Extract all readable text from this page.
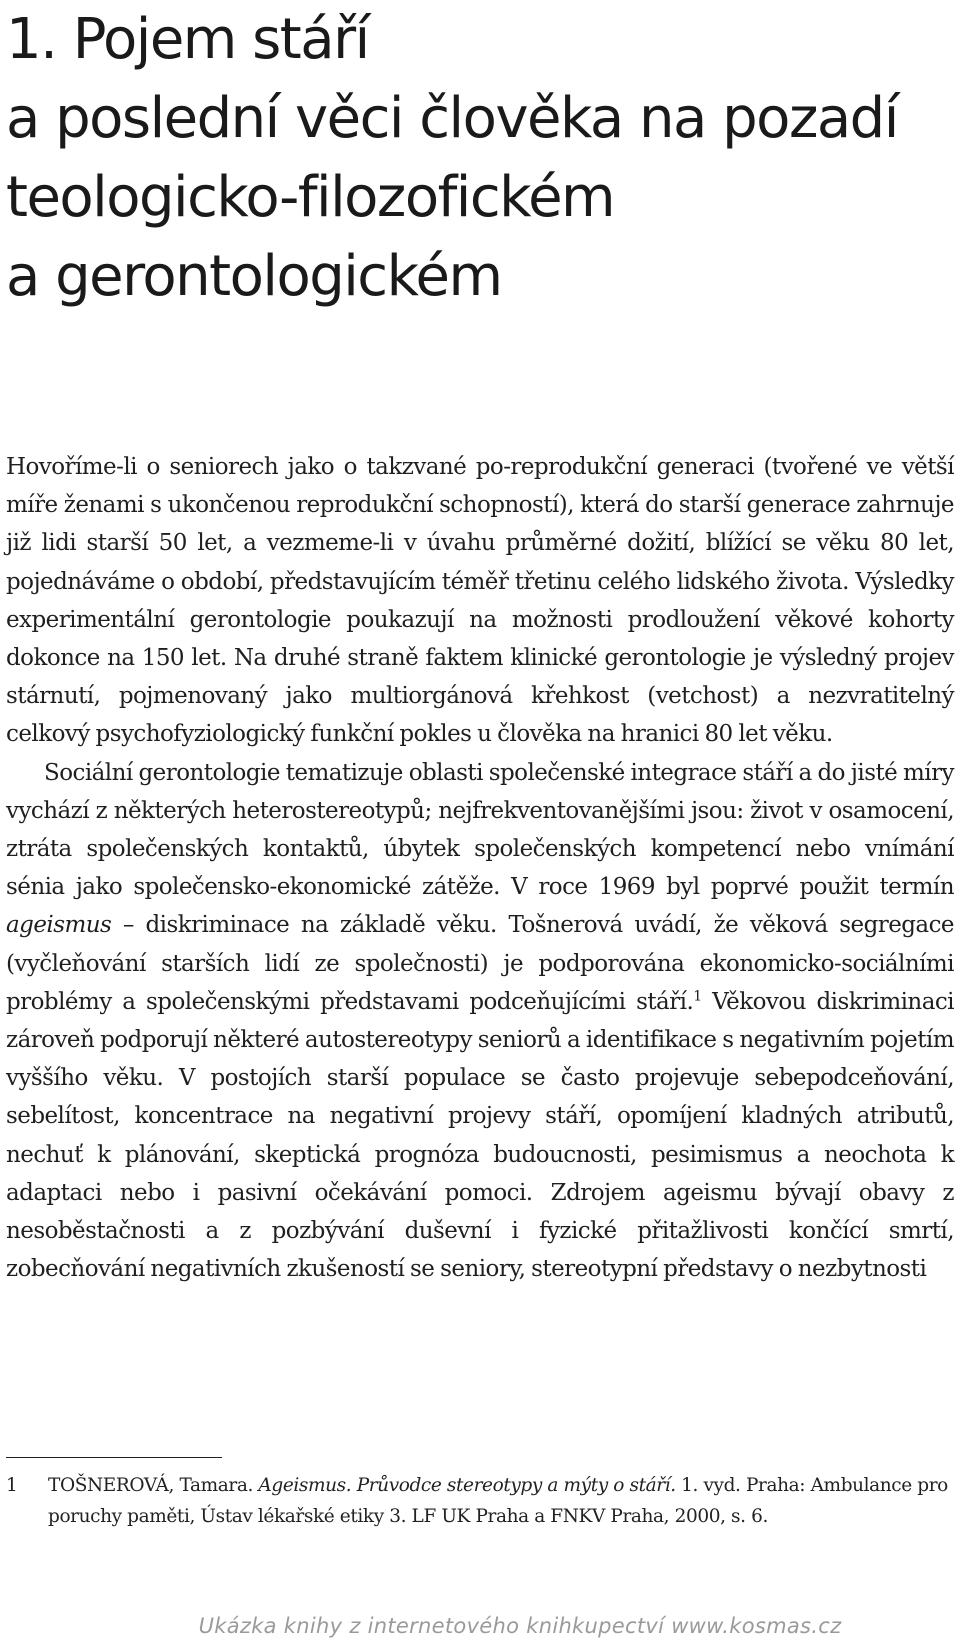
1. Pojem stáří
a poslední věci člověka na pozadí
teologicko-filozofickém
a gerontologickém

Hovoříme-li o seniorech jako o takzvané po-reprodukční generaci (tvořené ve větší míře ženami s ukončenou reprodukční schopností), která do starší generace zahrnuje již lidi starší 50 let, a vezmeme-li v úvahu průměrné dožití, blížící se věku 80 let, pojednáváme o období, představujícím téměř třetinu celého lidského života. Výsledky experimentální gerontologie poukazují na možnosti prodloužení věkové kohorty dokonce na 150 let. Na druhé straně faktem klinické gerontologie je výsledný projev stárnutí, pojmenovaný jako multiorgánová křehkost (vetchost) a nezvratitelný celkový psychofyziologický funkční pokles u člověka na hranici 80 let věku.

Sociální gerontologie tematizuje oblasti společenské integrace stáří a do jisté míry vychází z některých heterostereotypů; nejfrekventovanějšími jsou: život v osamocení, ztráta společenských kontaktů, úbytek společenských kompetencí nebo vnímání sénia jako společensko-ekonomické zátěže. V roce 1969 byl poprvé použit termín ageismus – diskriminace na základě věku. Tošnerová uvádí, že věková segregace (vyčleňování starších lidí ze společnosti) je podporována ekonomicko-sociálními problémy a společenskými představami podceňujícími stáří.$^1$ Věkovou diskriminaci zároveň podporují některé autostereotypy seniorů a identifikace s negativním pojetím vyššího věku. V postojích starší populace se často projevuje sebepodceňování, sebelítost, koncentrace na negativní projevy stáří, opomíjení kladných atributů, nechuť k plánování, skeptická prognóza budoucnosti, pesimismus a neochota k adaptaci nebo i pasivní očekávání pomoci. Zdrojem ageismu bývají obavy z nesoběstačnosti a z pozbývání duševní i fyzické přitažlivosti končící smrtí, zobecňování negativních zkušeností se seniory, stereotypní představy o nezbytnosti

1 TOŠNEROVÁ, Tamara. Ageismus. Průvodce stereotypy a mýty o stáří. 1. vyd. Praha: Ambulance pro poruchy paměti, Ústav lékařské etiky 3. LF UK Praha a FNKV Praha, 2000, s. 6.
Ukázka knihy z internetového knihkupectví www.kosmas.cz
